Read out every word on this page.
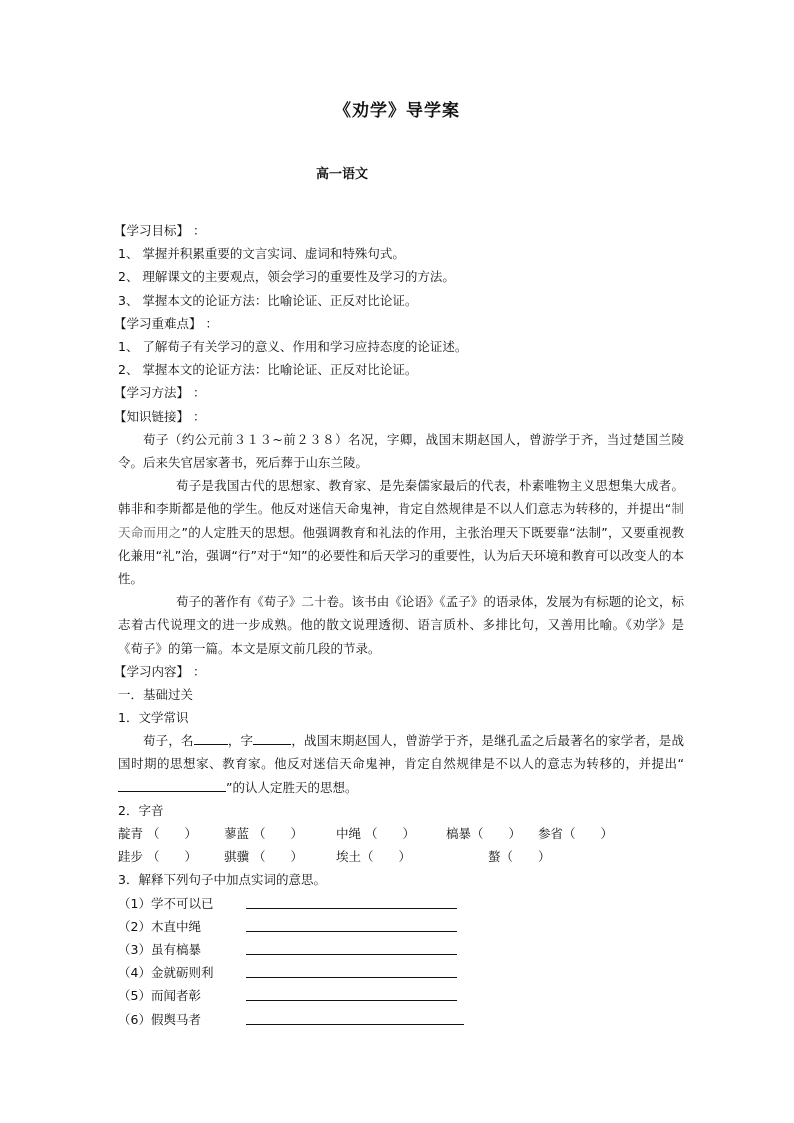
《劝学》导学案
高一语文
【学习目标】 ：
1、 掌握并积累重要的文言实词、虚词和特殊句式。
2、 理解课文的主要观点，领会学习的重要性及学习的方法。
3、 掌握本文的论证方法：比喻论证、正反对比论证。
【学习重难点】 ：
1、 了解荀子有关学习的意义、作用和学习应持态度的论证述。
2、 掌握本文的论证方法：比喻论证、正反对比论证。
【学习方法】 ：
【知识链接】 ：
荀子（约公元前３１３~前２３８）名况，字卿，战国末期赵国人，曾游学于齐，当过楚国兰陵令。后来失官居家著书，死后葬于山东兰陵。
荀子是我国古代的思想家、教育家、是先秦儒家最后的代表，朴素唯物主义思想集大成者。韩非和李斯都是他的学生。他反对迷信天命鬼神，肯定自然规律是不以人们意志为转移的，并提出“制天命而用之”的人定胜天的思想。他强调教育和礼法的作用，主张治理天下既要靠“法制”，又要重视教化兼用“礼”治，强调“行”对于“知”的必要性和后天学习的重要性，认为后天环境和教育可以改变人的本性。
荀子的著作有《荀子》二十卷。该书由《论语》《孟子》的语录体，发展为有标题的论文，标志着古代说理文的进一步成熟。他的散文说理透彻、语言质朴、多排比句，又善用比喻。《劝学》是《荀子》的第一篇。本文是原文前几段的节录。
【学习内容】 ：
一．基础过关
1．文学常识
荀子，名	，字	，战国末期赵国人，曾游学于齐，是继孔孟之后最著名的家学者，是战国时期的思想家、教育家。他反对迷信天命鬼神，肯定自然规律是不以人的意志为转移的，并提出“”的认人定胜天的思想。
2．字音
靛青 （　　）	蓼蓝 （　　）	中绳 （　　）	槁暴（　　）	参省（　　）
跬步 （　　）	骐骥 （　　）	埃土（　　）	螯（　　）
3．解释下列句子中加点实词的意思。
（1）学不可以已
（2）木直中绳
（3）虽有槁暴
（4）金就砺则利
（5）而闻者彰
（6）假舆马者
